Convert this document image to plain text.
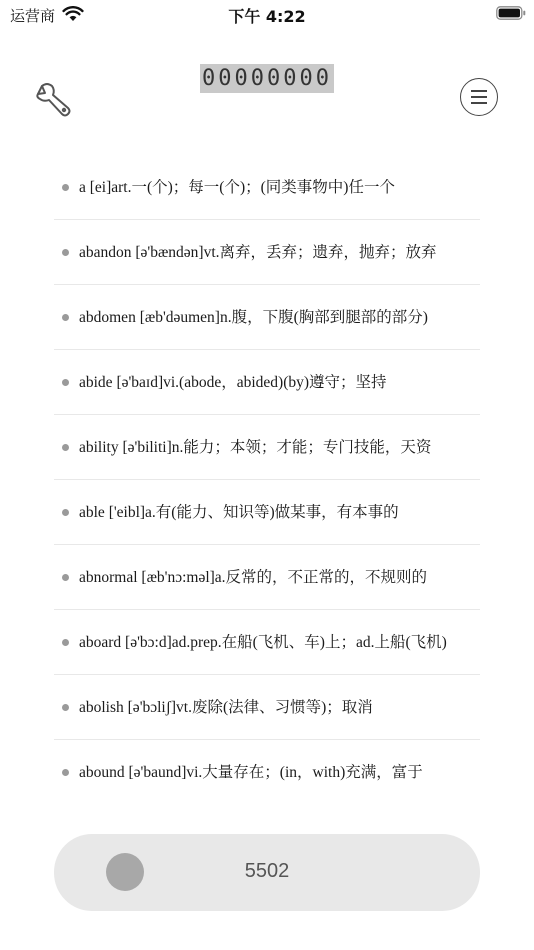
运营商	下午 4:22
00000000
a [ei]art.一(个)；每一(个)；(同类事物中)任一个
abandon [ə'bændən]vt.离弃，丢弃；遗弃，抛弃；放弃
abdomen [æb'dəumen]n.腹，下腹(胸部到腿部的部分)
abide [ə'baɪd]vi.(abode，abided)(by)遵守；坚持
ability [ə'biliti]n.能力；本领；才能；专门技能，天资
able ['eibl]a.有(能力、知识等)做某事，有本事的
abnormal [æb'nɔ:məl]a.反常的，不正常的，不规则的
aboard [ə'bɔ:d]ad.prep.在船(飞机、车)上；ad.上船(飞机)
abolish [ə'bɔliʃ]vt.废除(法律、习惯等)；取消
abound [ə'baund]vi.大量存在；(in，with)充满，富于
5502
